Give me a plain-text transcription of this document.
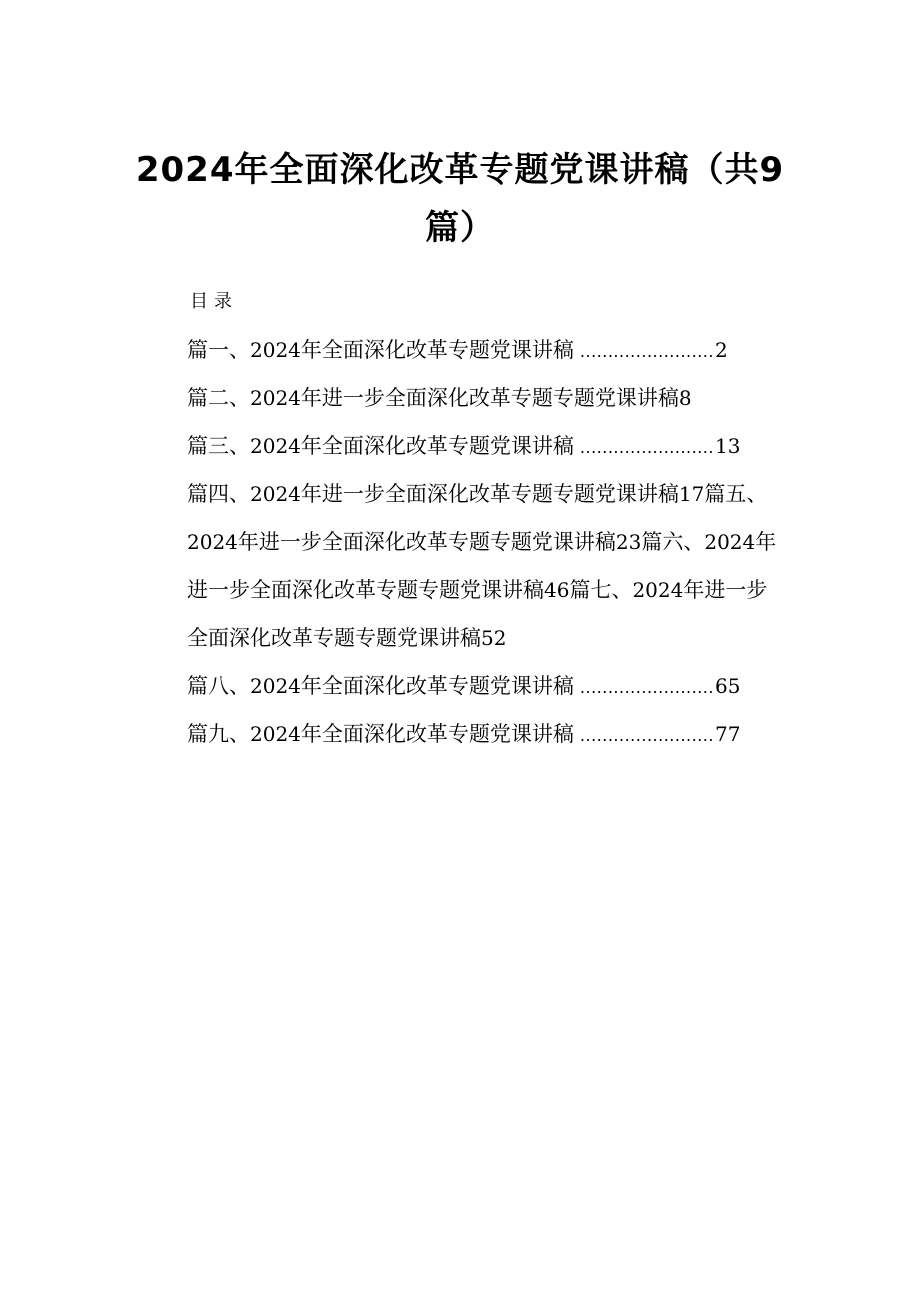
2024年全面深化改革专题党课讲稿（共9
篇）
目录
篇一、 2024 年全面深化改革专题党课讲稿 ........................ 2
篇二、 2024 年进一步全面深化改革专题专题党课讲稿 8
篇三、 2024 年全面深化改革专题党课讲稿 ........................ 13
篇四、 2024 年进一步全面深化改革专题专题党课讲稿 17 篇五、
2024 年进一步全面深化改革专题专题党课讲稿 23 篇六、 2024 年
进一步全面深化改革专题专题党课讲稿 46 篇七、 2024 年进一步
全面深化改革专题专题党课讲稿 52
篇八、 2024 年全面深化改革专题党课讲稿 ........................ 65
篇九、 2024 年全面深化改革专题党课讲稿 ........................ 77
